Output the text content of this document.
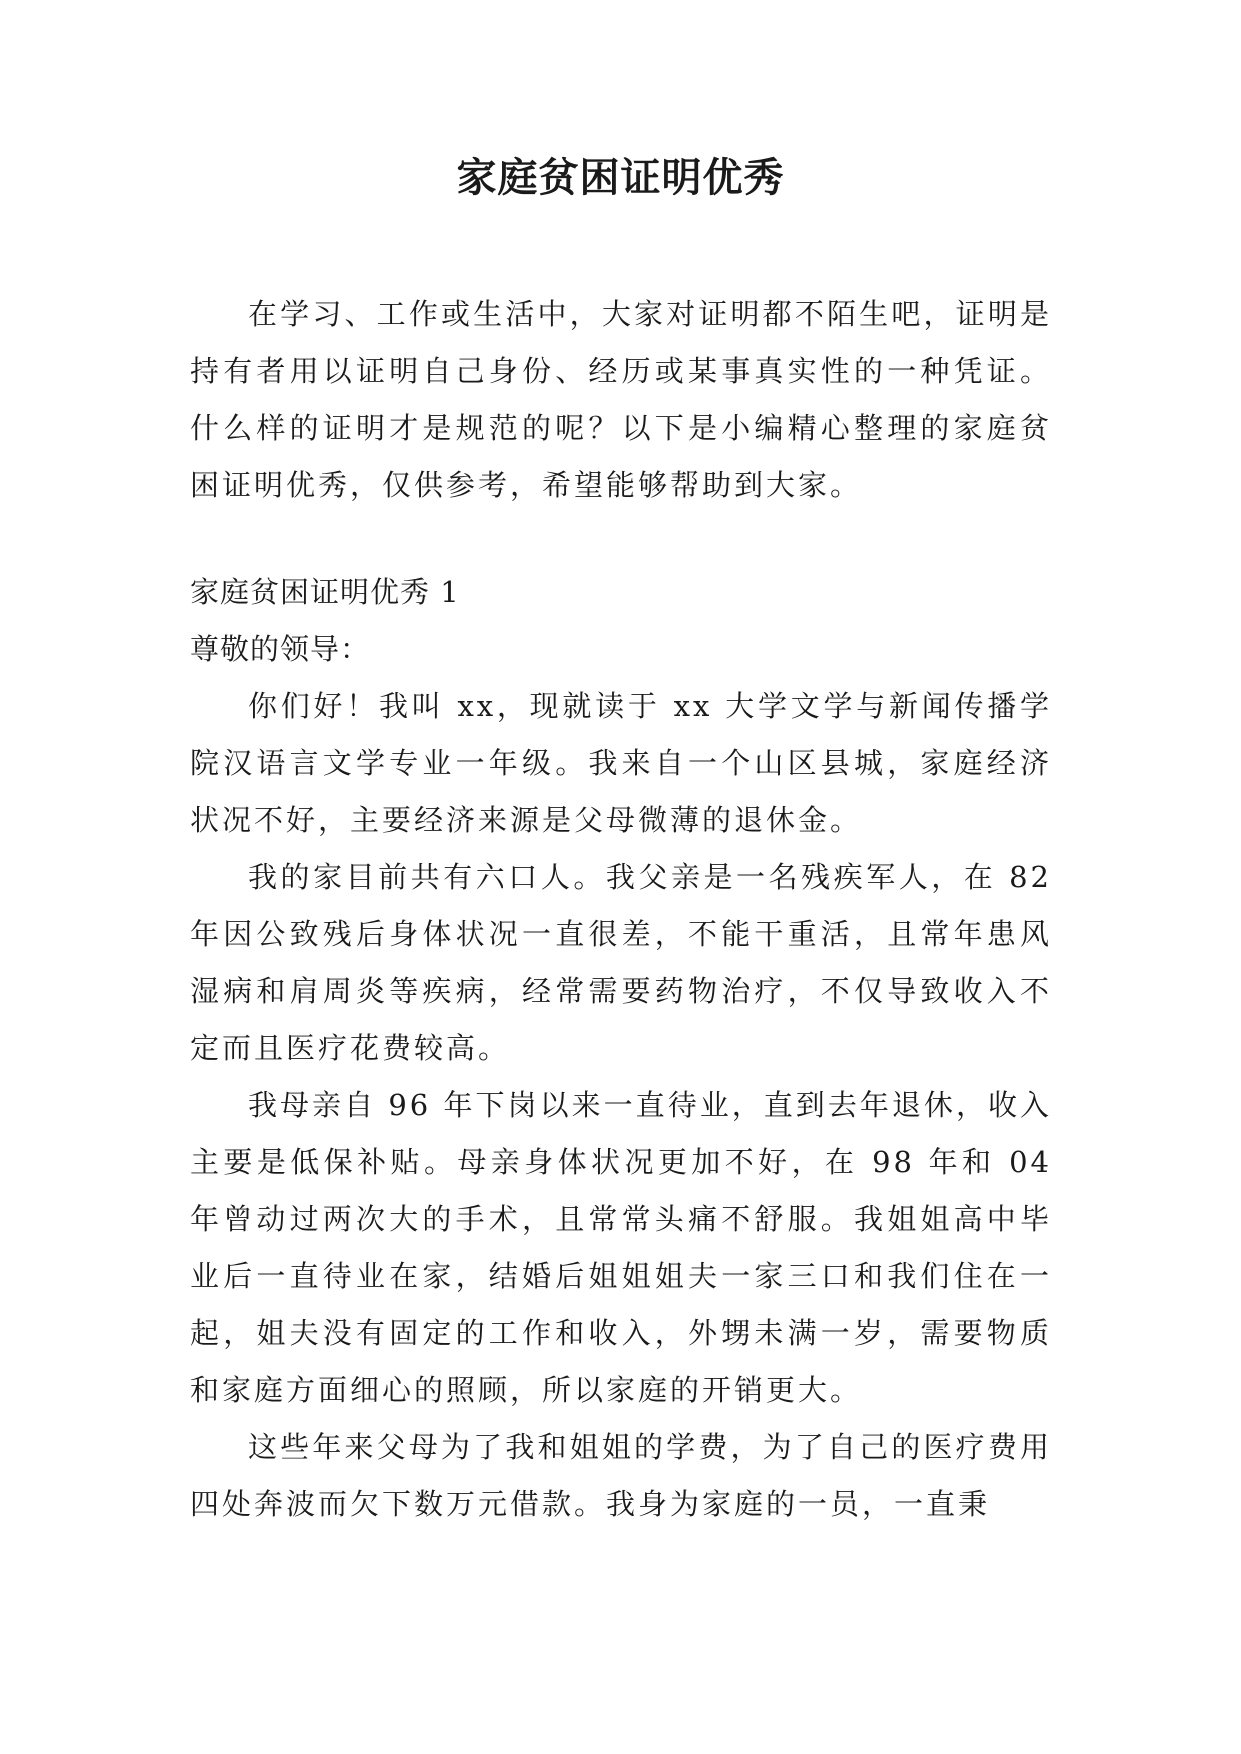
家庭贫困证明优秀

在学习、工作或生活中，大家对证明都不陌生吧，证明是持有者用以证明自己身份、经历或某事真实性的一种凭证。什么样的证明才是规范的呢？以下是小编精心整理的家庭贫困证明优秀，仅供参考，希望能够帮助到大家。

家庭贫困证明优秀 1

尊敬的领导：

你们好！我叫 xx，现就读于 xx 大学文学与新闻传播学院汉语言文学专业一年级。我来自一个山区县城，家庭经济状况不好，主要经济来源是父母微薄的退休金。

我的家目前共有六口人。我父亲是一名残疾军人，在 82 年因公致残后身体状况一直很差，不能干重活，且常年患风湿病和肩周炎等疾病，经常需要药物治疗，不仅导致收入不定而且医疗花费较高。

我母亲自 96 年下岗以来一直待业，直到去年退休，收入主要是低保补贴。母亲身体状况更加不好，在 98 年和 04 年曾动过两次大的手术，且常常头痛不舒服。我姐姐高中毕业后一直待业在家，结婚后姐姐姐夫一家三口和我们住在一起，姐夫没有固定的工作和收入，外甥未满一岁，需要物质和家庭方面细心的照顾，所以家庭的开销更大。

这些年来父母为了我和姐姐的学费，为了自己的医疗费用四处奔波而欠下数万元借款。我身为家庭的一员，一直秉
